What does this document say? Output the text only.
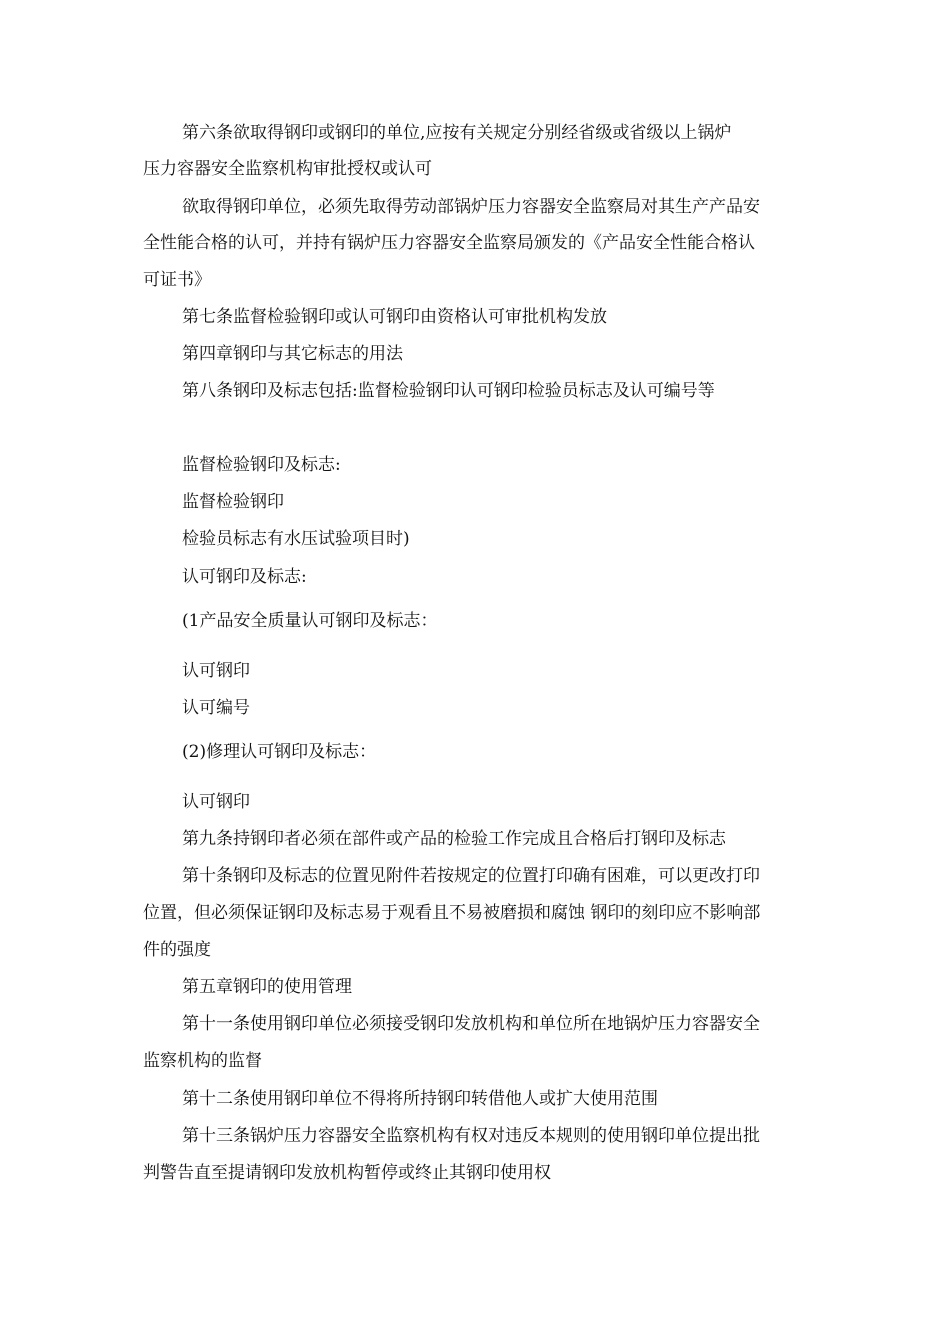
第六条欲取得钢印或钢印的单位,应按有关规定分别经省级或省级以上锅炉

压力容器安全监察机构审批授权或认可

欲取得钢印单位，必须先取得劳动部锅炉压力容器安全监察局对其生产产品安

全性能合格的认可，并持有锅炉压力容器安全监察局颁发的《产品安全性能合格认

可证书》

第七条监督检验钢印或认可钢印由资格认可审批机构发放

第四章钢印与其它标志的用法

第八条钢印及标志包括:监督检验钢印认可钢印检验员标志及认可编号等

监督检验钢印及标志:

监督检验钢印

检验员标志有水压试验项目时)

认可钢印及标志:

(1产品安全质量认可钢印及标志：

认可钢印

认可编号

(2)修理认可钢印及标志：

认可钢印

第九条持钢印者必须在部件或产品的检验工作完成且合格后打钢印及标志

第十条钢印及标志的位置见附件若按规定的位置打印确有困难，可以更改打印

位置，但必须保证钢印及标志易于观看且不易被磨损和腐蚀 钢印的刻印应不影响部

件的强度

第五章钢印的使用管理

第十一条使用钢印单位必须接受钢印发放机构和单位所在地锅炉压力容器安全

监察机构的监督

第十二条使用钢印单位不得将所持钢印转借他人或扩大使用范围

第十三条锅炉压力容器安全监察机构有权对违反本规则的使用钢印单位提出批

判警告直至提请钢印发放机构暂停或终止其钢印使用权
